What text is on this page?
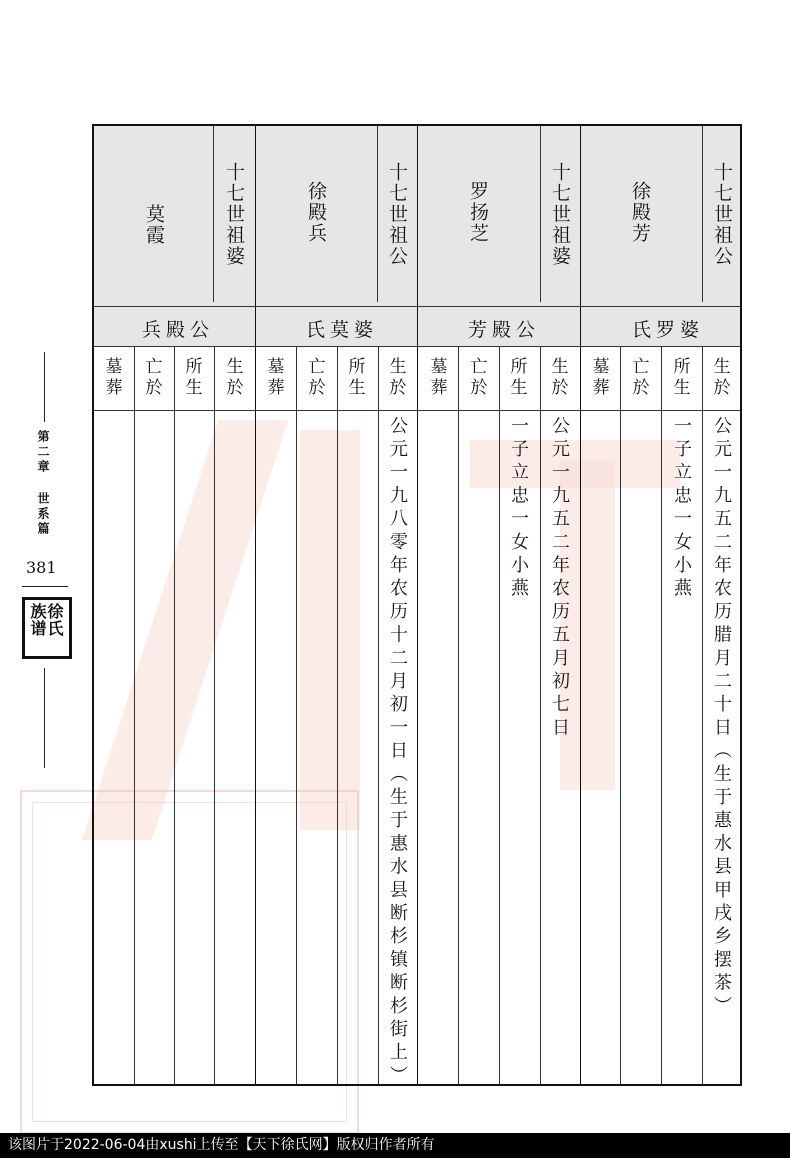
第二章 世系篇
381
徐
氏
族
谱
十七世祖公
徐殿芳
氏罗婆
生
於
所
生
亡
於
墓
葬
公元一九五二年农历腊月二十日（生于惠水县甲戌乡摆茶）
一子立忠一女小燕
十七世祖婆
罗扬芝
芳殿公
生
於
所
生
亡
於
墓
葬
公元一九五二年农历五月初七日
一子立忠一女小燕
十七世祖公
徐殿兵
氏莫婆
生
於
所
生
亡
於
墓
葬
公元一九八零年农历十二月初一日（生于惠水县断杉镇断杉街上）
十七世祖婆
莫霞
兵殿公
生
於
所
生
亡
於
墓
葬
该图片于2022-06-04由xushi上传至【天下徐氏网】版权归作者所有
